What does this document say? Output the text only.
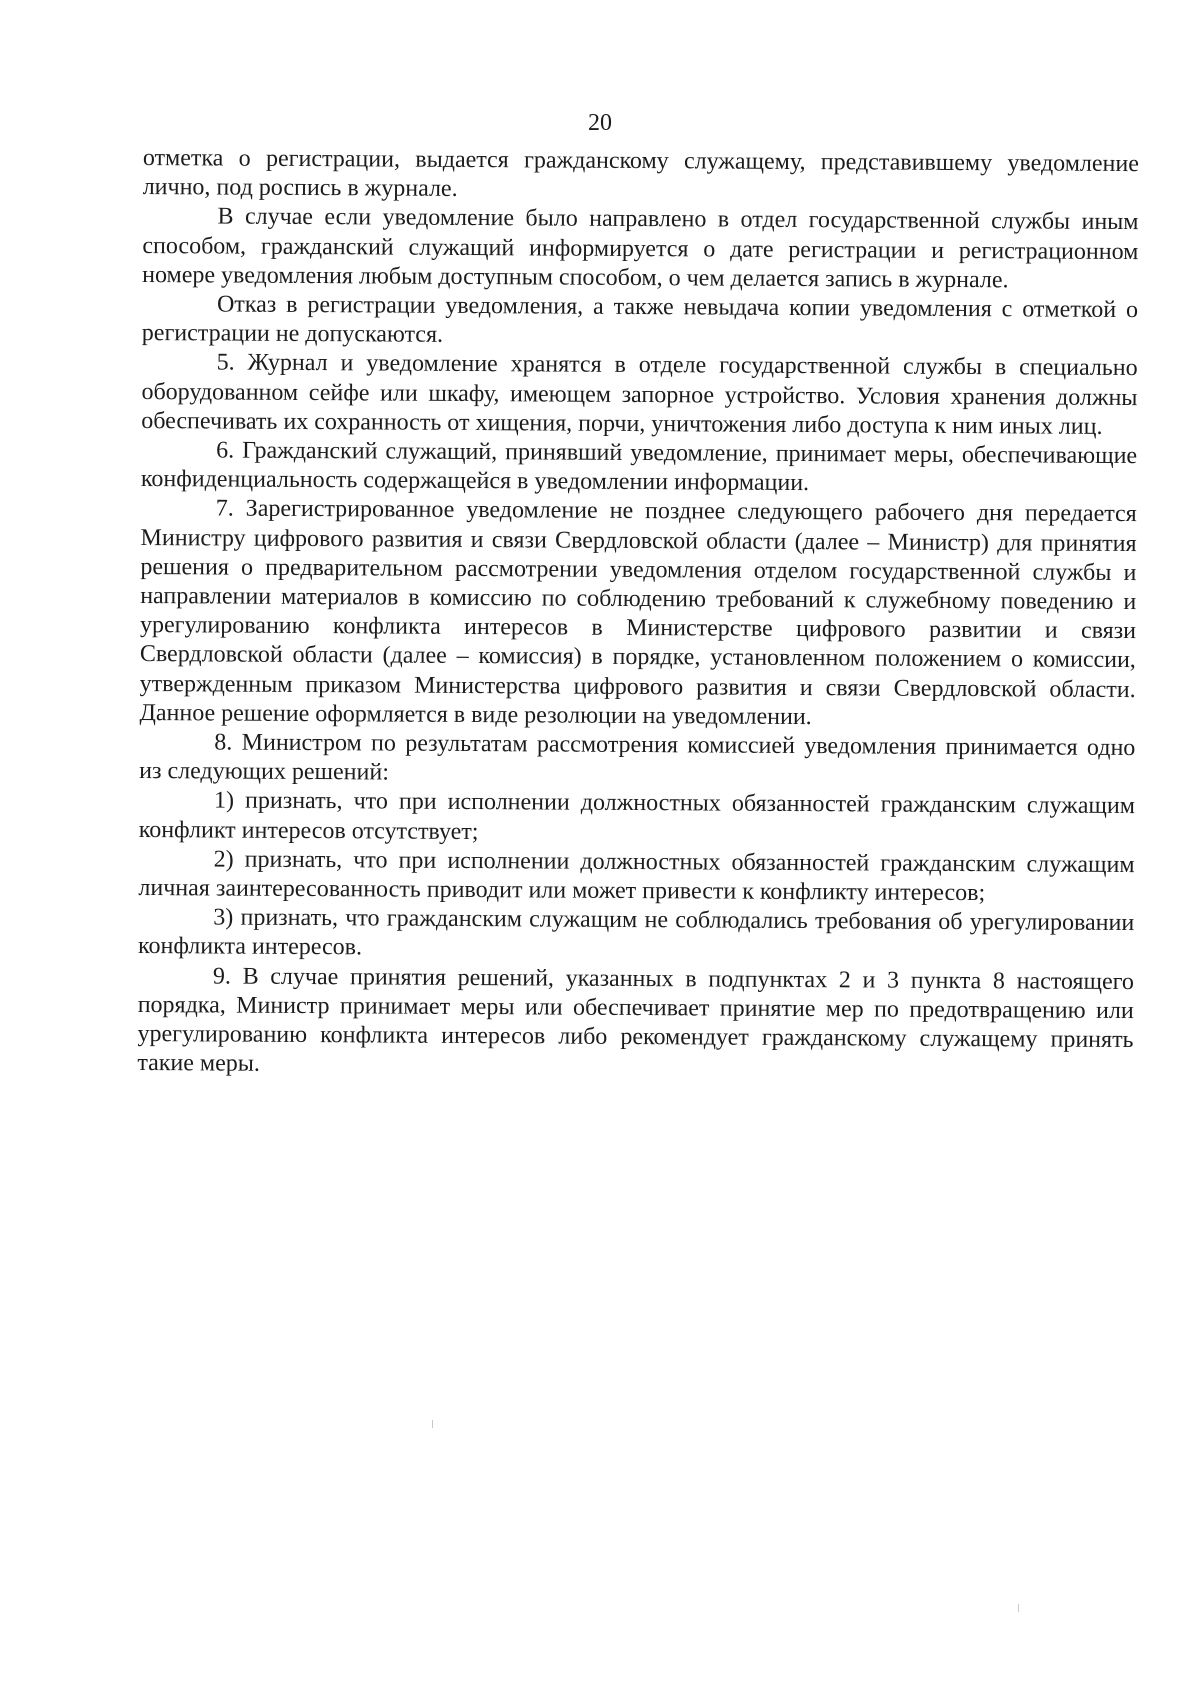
20

отметка о регистрации, выдается гражданскому служащему, представившему уведомление лично, под роспись в журнале.

В случае если уведомление было направлено в отдел государственной службы иным способом, гражданский служащий информируется о дате регистрации и регистрационном номере уведомления любым доступным способом, о чем делается запись в журнале.

Отказ в регистрации уведомления, а также невыдача копии уведомления с отметкой о регистрации не допускаются.

5. Журнал и уведомление хранятся в отделе государственной службы в специально оборудованном сейфе или шкафу, имеющем запорное устройство. Условия хранения должны обеспечивать их сохранность от хищения, порчи, уничтожения либо доступа к ним иных лиц.

6. Гражданский служащий, принявший уведомление, принимает меры, обеспечивающие конфиденциальность содержащейся в уведомлении информации.

7. Зарегистрированное уведомление не позднее следующего рабочего дня передается Министру цифрового развития и связи Свердловской области (далее – Министр) для принятия решения о предварительном рассмотрении уведомления отделом государственной службы и направлении материалов в комиссию по соблюдению требований к служебному поведению и урегулированию конфликта интересов в Министерстве цифрового развитии и связи Свердловской области (далее – комиссия) в порядке, установленном положением о комиссии, утвержденным приказом Министерства цифрового развития и связи Свердловской области. Данное решение оформляется в виде резолюции на уведомлении.

8. Министром по результатам рассмотрения комиссией уведомления принимается одно из следующих решений:

1) признать, что при исполнении должностных обязанностей гражданским служащим конфликт интересов отсутствует;

2) признать, что при исполнении должностных обязанностей гражданским служащим личная заинтересованность приводит или может привести к конфликту интересов;

3) признать, что гражданским служащим не соблюдались требования об урегулировании конфликта интересов.

9. В случае принятия решений, указанных в подпунктах 2 и 3 пункта 8 настоящего порядка, Министр принимает меры или обеспечивает принятие мер по предотвращению или урегулированию конфликта интересов либо рекомендует гражданскому служащему принять такие меры.
